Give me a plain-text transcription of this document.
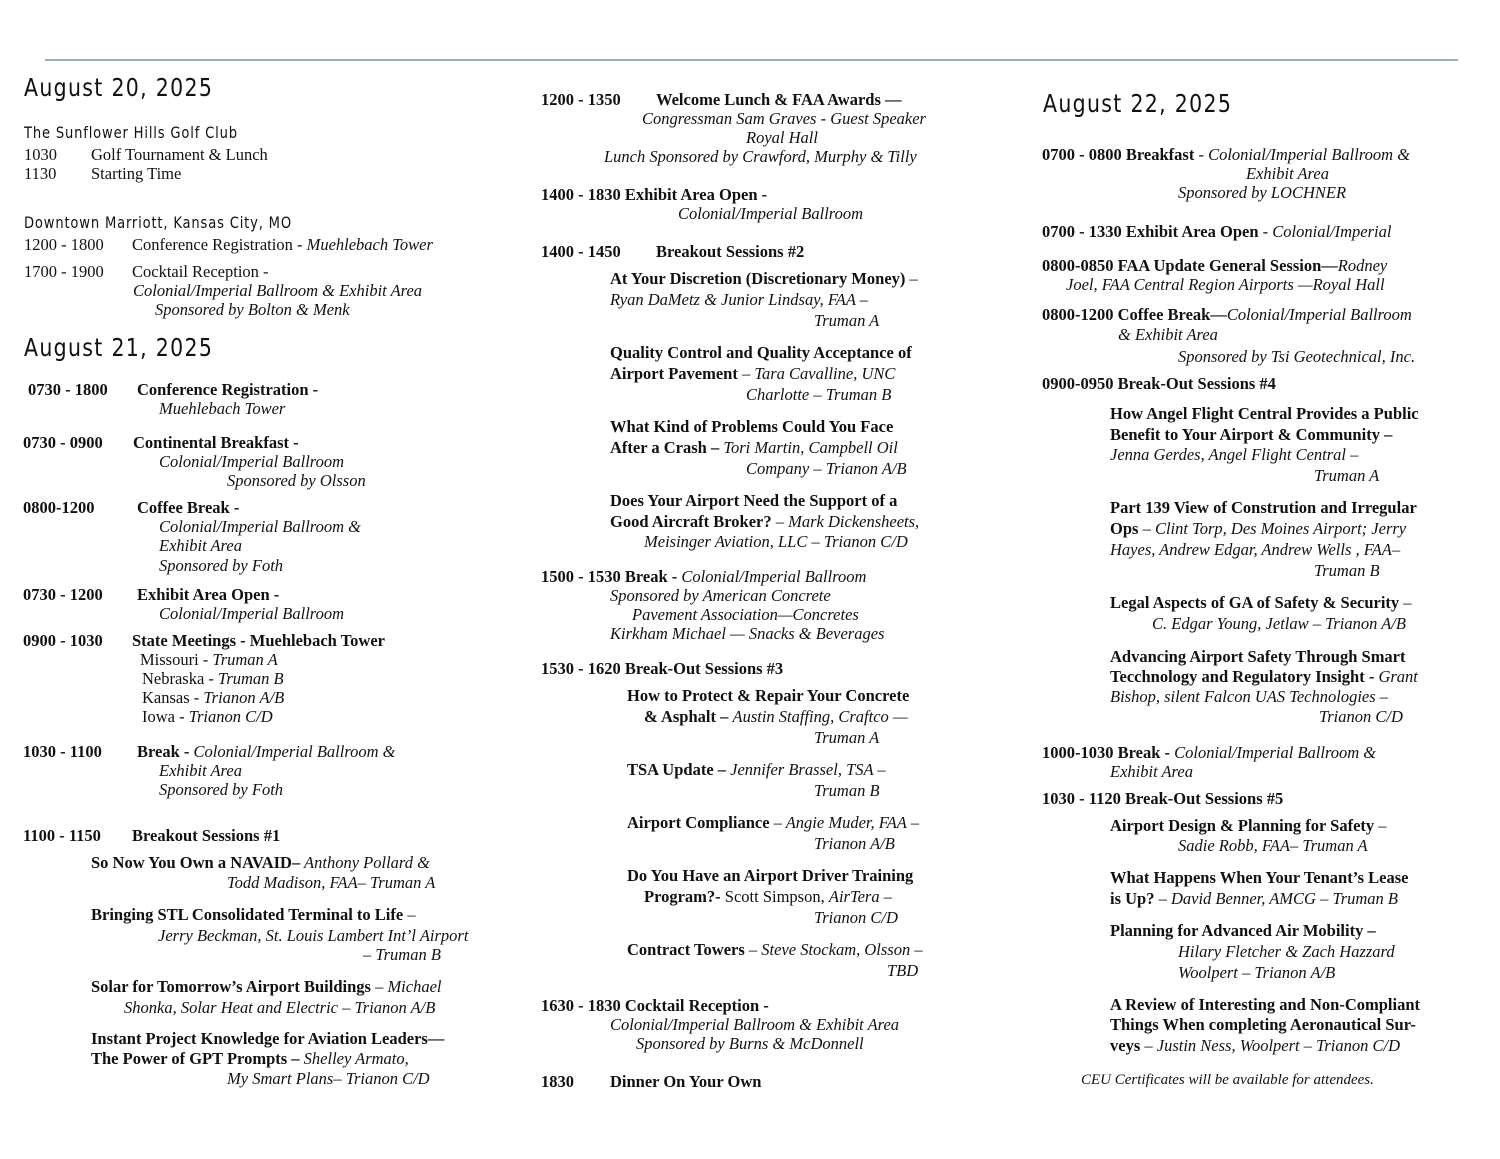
August 20, 2025
The Sunflower Hills Golf Club
1030 Golf Tournament & Lunch
1130 Starting Time
Downtown Marriott, Kansas City, MO
1200 - 1800 Conference Registration - Muehlebach Tower
1700 - 1900 Cocktail Reception -
Colonial/Imperial Ballroom & Exhibit Area
Sponsored by Bolton & Menk
August 21, 2025
0730 - 1800 Conference Registration -
Muehlebach Tower
0730 - 0900 Continental Breakfast -
Colonial/Imperial Ballroom
Sponsored by Olsson
0800-1200	Coffee Break -
Colonial/Imperial Ballroom &
Exhibit Area
Sponsored by Foth
0730 - 1200 Exhibit Area Open -
Colonial/Imperial Ballroom
0900 - 1030 State Meetings - Muehlebach Tower
Missouri - Truman A
Nebraska - Truman B
Kansas - Trianon A/B
Iowa - Trianon C/D
1030 - 1100 Break - Colonial/Imperial Ballroom &
Exhibit Area
Sponsored by Foth
1100 - 1150 Breakout Sessions #1
So Now You Own a NAVAID– Anthony Pollard &
Todd Madison, FAA– Truman A
Bringing STL Consolidated Terminal to Life –
Jerry Beckman, St. Louis Lambert Int’l Airport
– Truman B
Solar for Tomorrow’s Airport Buildings – Michael
Shonka, Solar Heat and Electric – Trianon A/B
Instant Project Knowledge for Aviation Leaders—
The Power of GPT Prompts – Shelley Armato,
My Smart Plans– Trianon C/D
1200 - 1350 Welcome Lunch & FAA Awards —
Congressman Sam Graves - Guest Speaker
Royal Hall
Lunch Sponsored by Crawford, Murphy & Tilly
1400 - 1830 Exhibit Area Open -
Colonial/Imperial Ballroom
1400 - 1450 Breakout Sessions #2
At Your Discretion (Discretionary Money) –
Ryan DaMetz & Junior Lindsay, FAA –
Truman A
Quality Control and Quality Acceptance of
Airport Pavement – Tara Cavalline, UNC
Charlotte – Truman B
What Kind of Problems Could You Face
After a Crash – Tori Martin, Campbell Oil
Company – Trianon A/B
Does Your Airport Need the Support of a
Good Aircraft Broker? – Mark Dickensheets,
Meisinger Aviation, LLC – Trianon C/D
1500 - 1530 Break - Colonial/Imperial Ballroom
Sponsored by American Concrete
Pavement Association—Concretes
Kirkham Michael — Snacks & Beverages
1530 - 1620 Break-Out Sessions #3
How to Protect & Repair Your Concrete
& Asphalt – Austin Staffing, Craftco —
Truman A
TSA Update – Jennifer Brassel, TSA –
Truman B
Airport Compliance – Angie Muder, FAA –
Trianon A/B
Do You Have an Airport Driver Training
Program?- Scott Simpson, AirTera –
Trianon C/D
Contract Towers – Steve Stockam, Olsson –
TBD
1630 - 1830 Cocktail Reception -
Colonial/Imperial Ballroom & Exhibit Area
Sponsored by Burns & McDonnell
1830 Dinner On Your Own
August 22, 2025
0700 - 0800 Breakfast - Colonial/Imperial Ballroom &
Exhibit Area
Sponsored by LOCHNER
0700 - 1330 Exhibit Area Open - Colonial/Imperial
0800-0850 FAA Update General Session—Rodney
Joel, FAA Central Region Airports —Royal Hall
0800-1200 Coffee Break—Colonial/Imperial Ballroom
& Exhibit Area
Sponsored by Tsi Geotechnical, Inc.
0900-0950 Break-Out Sessions #4
How Angel Flight Central Provides a Public
Benefit to Your Airport & Community –
Jenna Gerdes, Angel Flight Central –
Truman A
Part 139 View of Constrution and Irregular
Ops – Clint Torp, Des Moines Airport; Jerry
Hayes, Andrew Edgar, Andrew Wells , FAA–
Truman B
Legal Aspects of GA of Safety & Security –
C. Edgar Young, Jetlaw – Trianon A/B
Advancing Airport Safety Through Smart
Tecchnology and Regulatory Insight - Grant
Bishop, silent Falcon UAS Technologies –
Trianon C/D
1000-1030 Break - Colonial/Imperial Ballroom &
Exhibit Area
1030 - 1120 Break-Out Sessions #5
Airport Design & Planning for Safety –
Sadie Robb, FAA– Truman A
What Happens When Your Tenant’s Lease
is Up? – David Benner, AMCG – Truman B
Planning for Advanced Air Mobility –
Hilary Fletcher & Zach Hazzard
Woolpert – Trianon A/B
A Review of Interesting and Non-Compliant
Things When completing Aeronautical Sur-
veys – Justin Ness, Woolpert – Trianon C/D
CEU Certificates will be available for attendees.
